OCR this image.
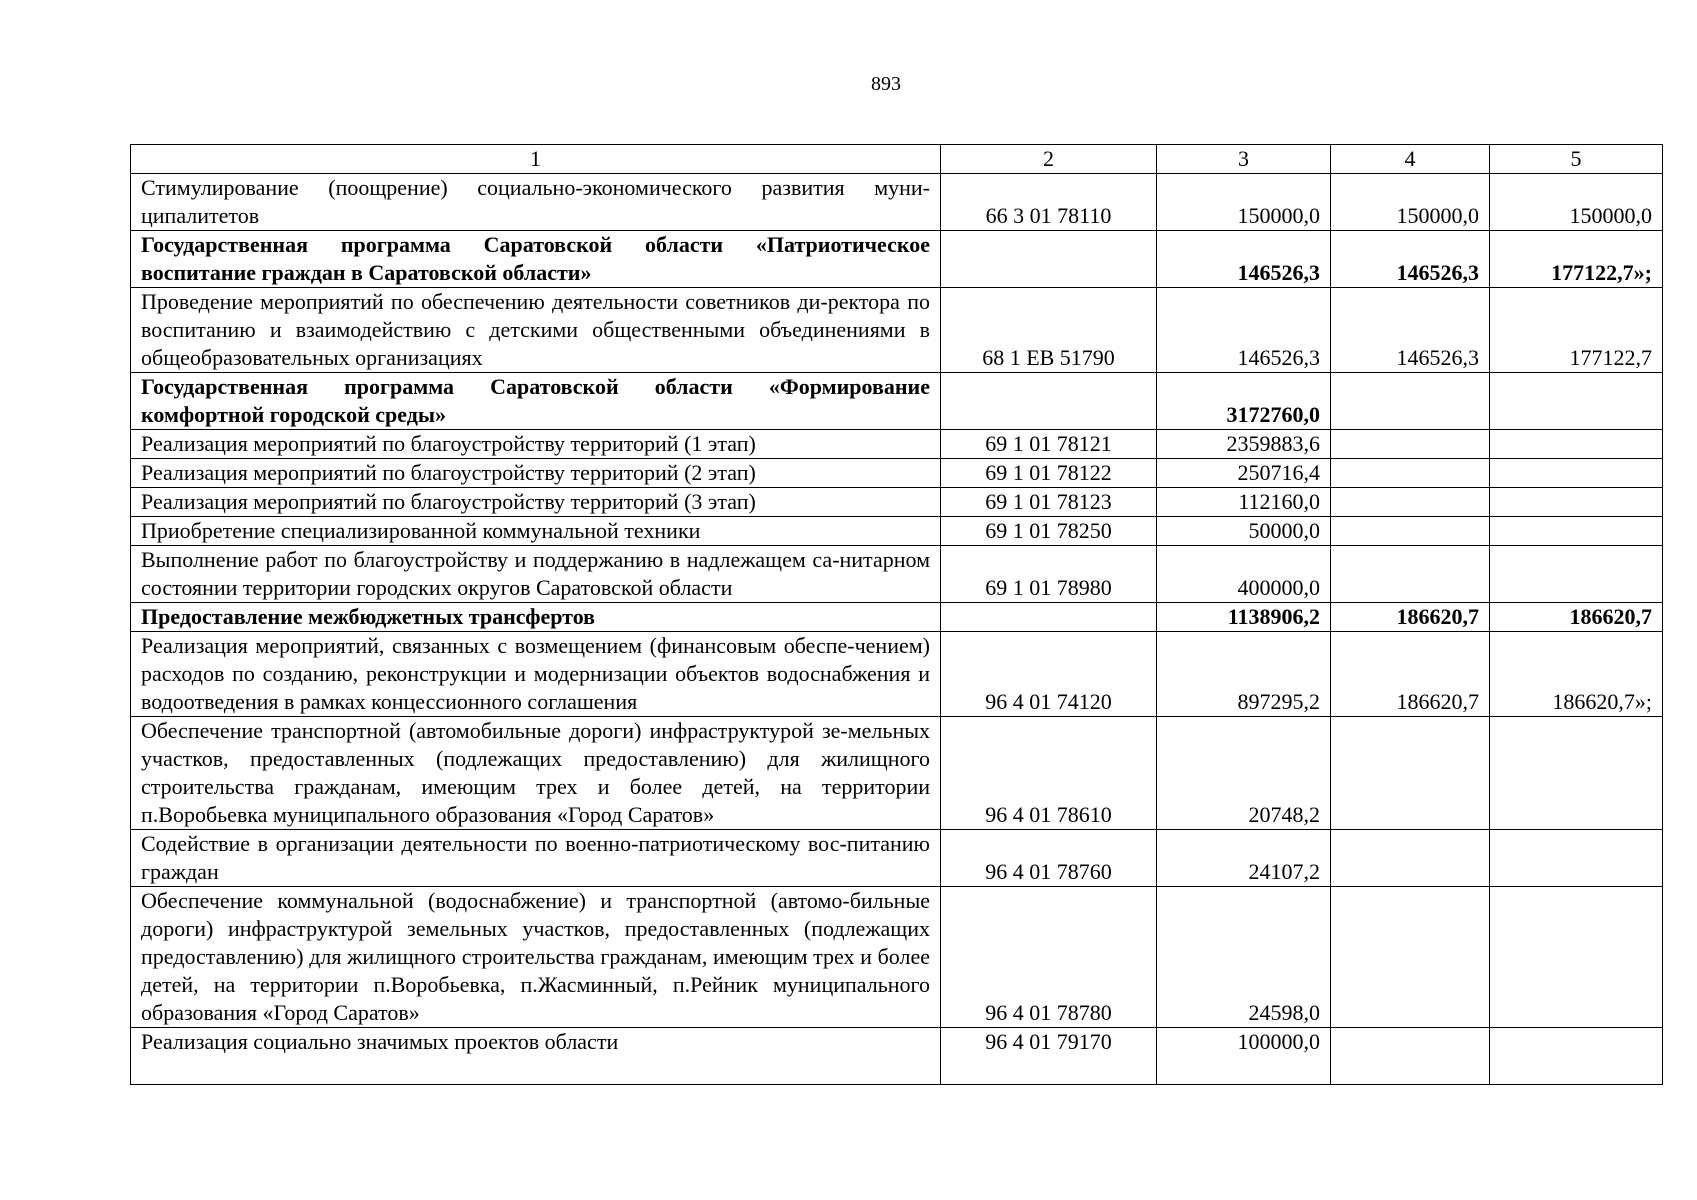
893
1	2	3	4	5
Стимулирование (поощрение) социально-экономического развития муни-ципалитетов	66 3 01 78110	150000,0	150000,0	150000,0
Государственная программа Саратовской области «Патриотическое воспитание граждан в Саратовской области»		146526,3	146526,3	177122,7»;
Проведение мероприятий по обеспечению деятельности советников ди-ректора по воспитанию и взаимодействию с детскими общественными объединениями в общеобразовательных организациях	68 1 EВ 51790	146526,3	146526,3	177122,7
Государственная программа Саратовской области «Формирование комфортной городской среды»		3172760,0		
Реализация мероприятий по благоустройству территорий (1 этап)	69 1 01 78121	2359883,6		
Реализация мероприятий по благоустройству территорий (2 этап)	69 1 01 78122	250716,4		
Реализация мероприятий по благоустройству территорий (3 этап)	69 1 01 78123	112160,0		
Приобретение специализированной коммунальной техники	69 1 01 78250	50000,0		
Выполнение работ по благоустройству и поддержанию в надлежащем са-нитарном состоянии территории городских округов Саратовской области	69 1 01 78980	400000,0		
Предоставление межбюджетных трансфертов		1138906,2	186620,7	186620,7
Реализация мероприятий, связанных с возмещением (финансовым обеспе-чением) расходов по созданию, реконструкции и модернизации объектов водоснабжения и водоотведения в рамках концессионного соглашения	96 4 01 74120	897295,2	186620,7	186620,7»;
Обеспечение транспортной (автомобильные дороги) инфраструктурой зе-мельных участков, предоставленных (подлежащих предоставлению) для жилищного строительства гражданам, имеющим трех и более детей, на территории п.Воробьевка муниципального образования «Город Саратов»	96 4 01 78610	20748,2		
Содействие в организации деятельности по военно-патриотическому вос-питанию граждан	96 4 01 78760	24107,2		
Обеспечение коммунальной (водоснабжение) и транспортной (автомо-бильные дороги) инфраструктурой земельных участков, предоставленных (подлежащих предоставлению) для жилищного строительства гражданам, имеющим трех и более детей, на территории п.Воробьевка, п.Жасминный, п.Рейник муниципального образования «Город Саратов»	96 4 01 78780	24598,0		
Реализация социально значимых проектов области	96 4 01 79170	100000,0		
